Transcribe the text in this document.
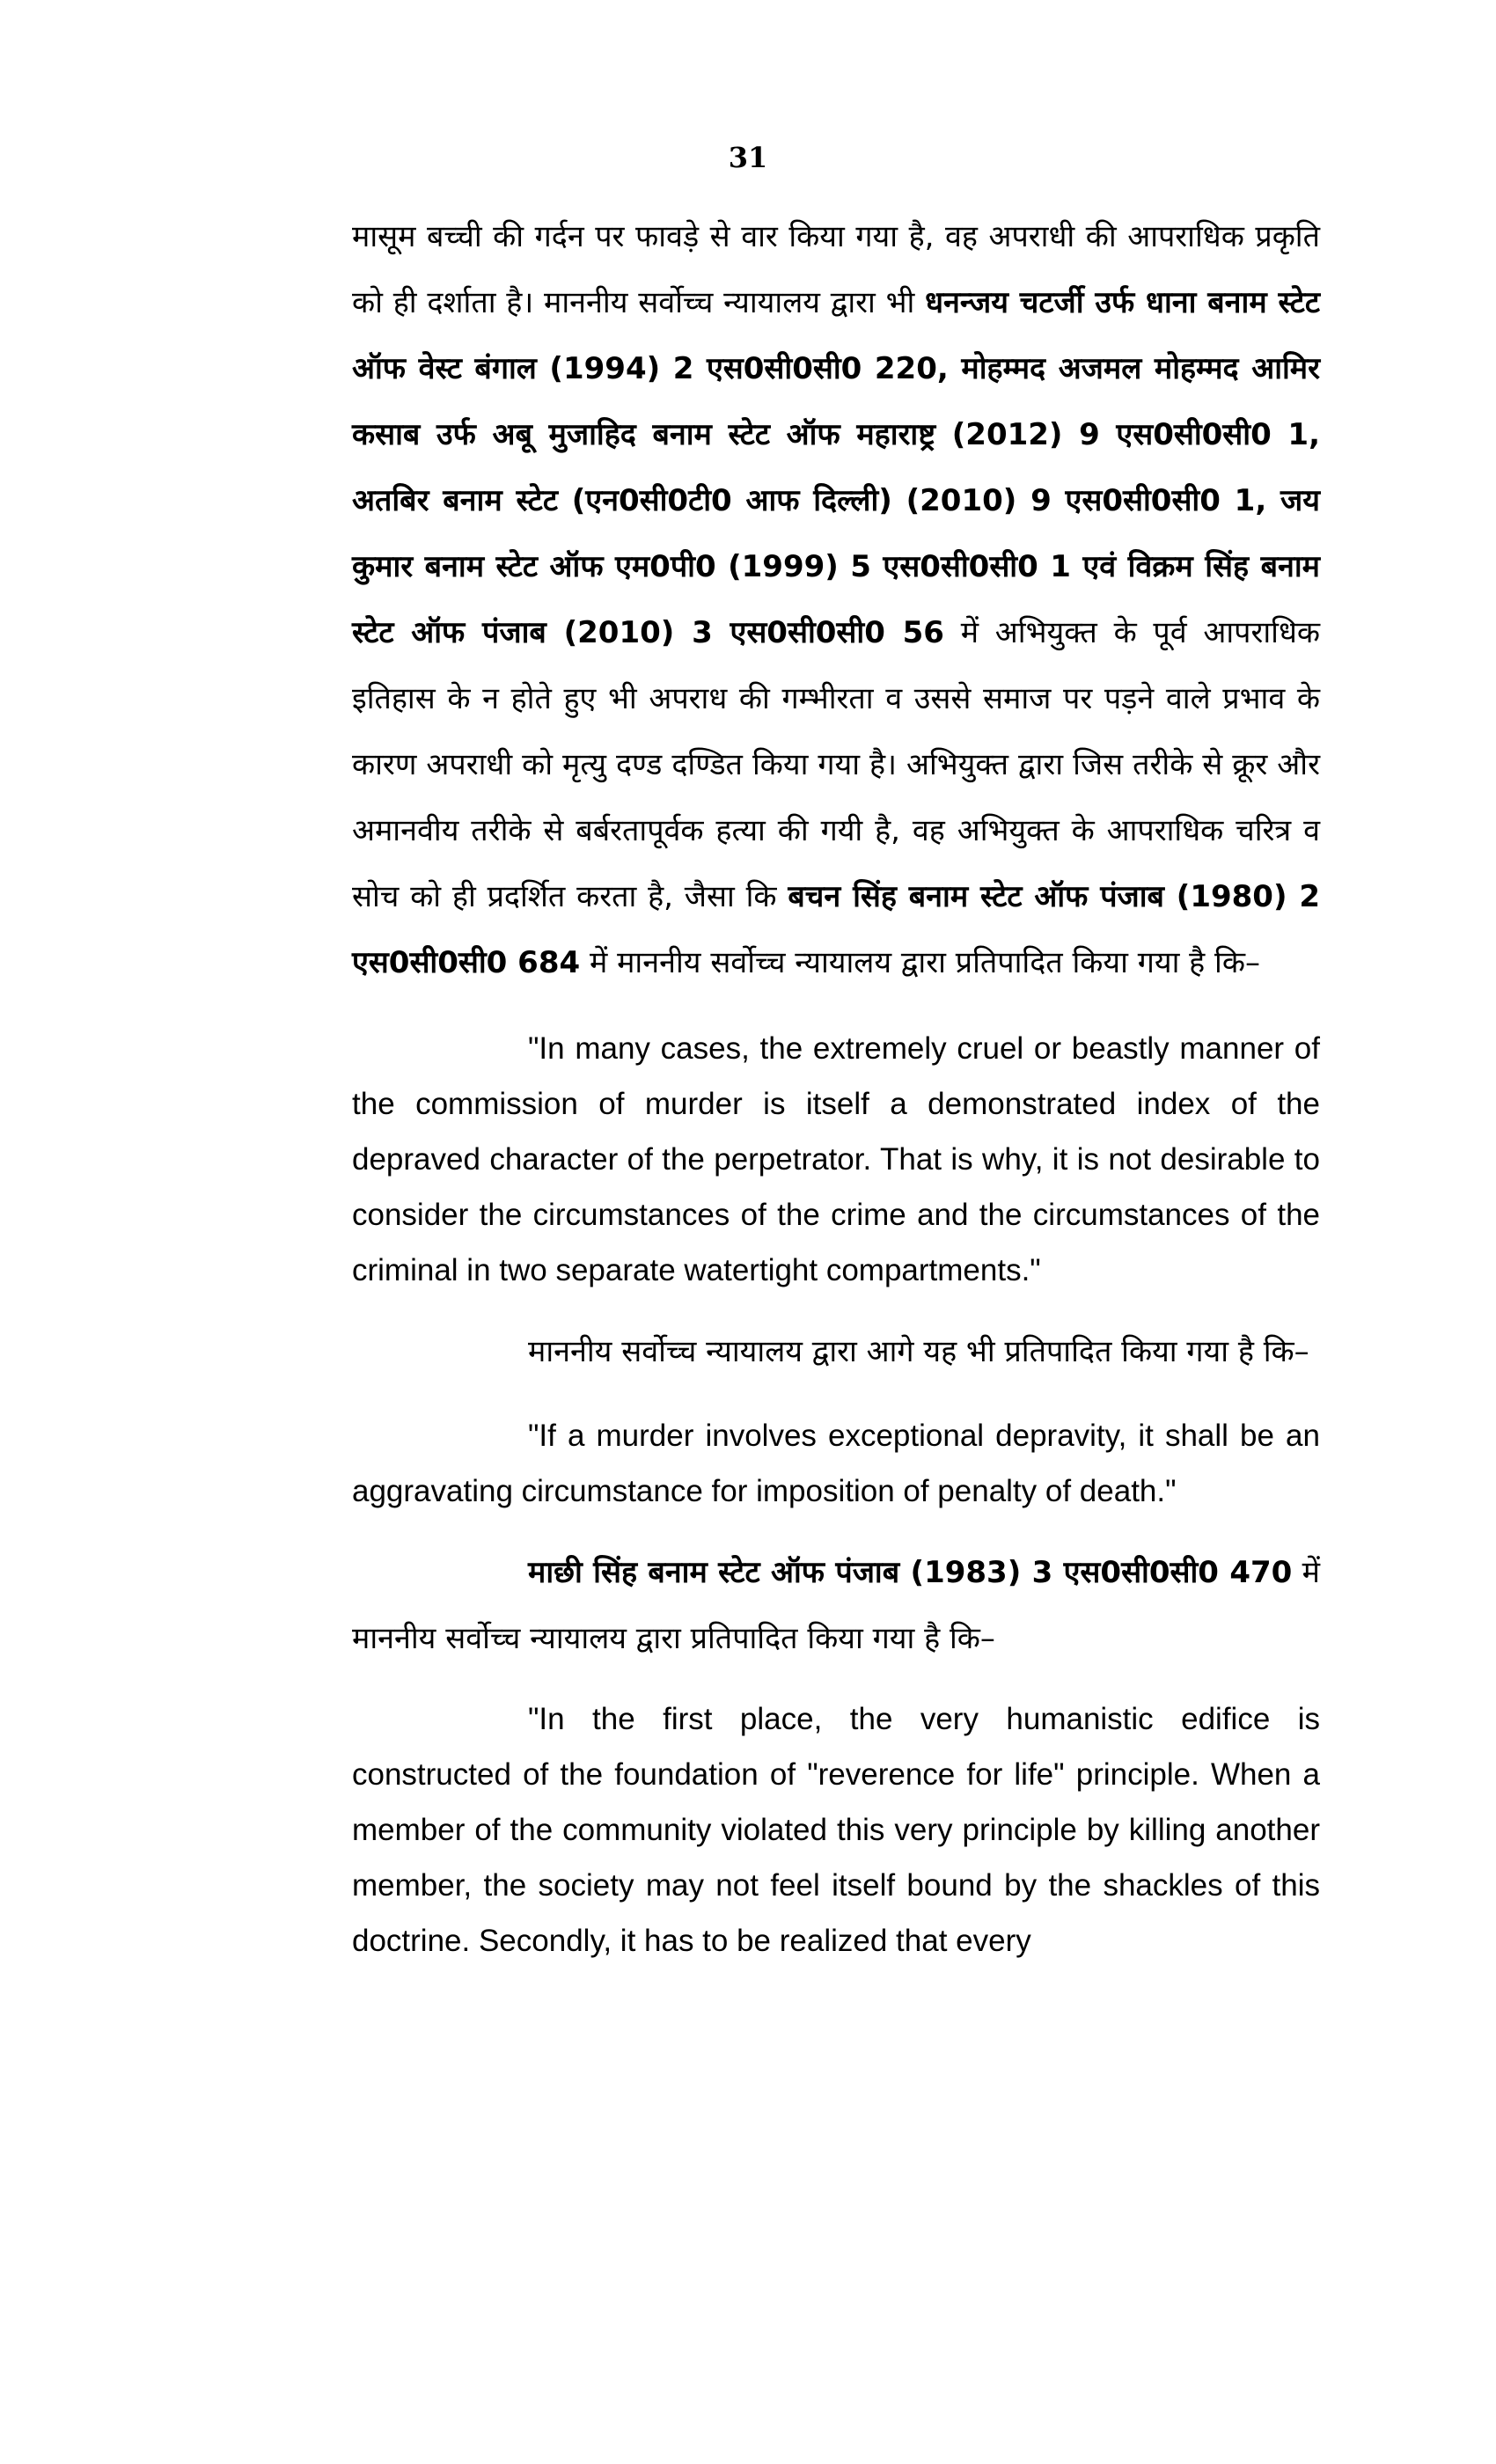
31

मासूम बच्ची की गर्दन पर फावड़े से वार किया गया है, वह अपराधी की आपराधिक प्रकृति को ही दर्शाता है। माननीय सर्वोच्च न्यायालय द्वारा भी धनन्जय चटर्जी उर्फ धाना बनाम स्टेट ऑफ वेस्ट बंगाल (1994) 2 एस0सी0सी0 220, मोहम्मद अजमल मोहम्मद आमिर कसाब उर्फ अबू मुजाहिद बनाम स्टेट ऑफ महाराष्ट्र (2012) 9 एस0सी0सी0 1, अतबिर बनाम स्टेट (एन0सी0टी0 आफ दिल्ली) (2010) 9 एस0सी0सी0 1, जय कुमार बनाम स्टेट ऑफ एम0पी0 (1999) 5 एस0सी0सी0 1 एवं विक्रम सिंह बनाम स्टेट ऑफ पंजाब (2010) 3 एस0सी0सी0 56 में अभियुक्त के पूर्व आपराधिक इतिहास के न होते हुए भी अपराध की गम्भीरता व उससे समाज पर पड़ने वाले प्रभाव के कारण अपराधी को मृत्यु दण्ड दण्डित किया गया है। अभियुक्त द्वारा जिस तरीके से क्रूर और अमानवीय तरीके से बर्बरतापूर्वक हत्या की गयी है, वह अभियुक्त के आपराधिक चरित्र व सोच को ही प्रदर्शित करता है, जैसा कि बचन सिंह बनाम स्टेट ऑफ पंजाब (1980) 2 एस0सी0सी0 684 में माननीय सर्वोच्च न्यायालय द्वारा प्रतिपादित किया गया है कि–

"In many cases, the extremely cruel or beastly manner of the commission of murder is itself a demonstrated index of the depraved character of the perpetrator. That is why, it is not desirable to consider the circumstances of the crime and the circumstances of the criminal in two separate watertight compartments."

माननीय सर्वोच्च न्यायालय द्वारा आगे यह भी प्रतिपादित किया गया है कि–

"If a murder involves exceptional depravity, it shall be an aggravating circumstance for imposition of penalty of death."

माछी सिंह बनाम स्टेट ऑफ पंजाब (1983) 3 एस0सी0सी0 470 में माननीय सर्वोच्च न्यायालय द्वारा प्रतिपादित किया गया है कि–

"In the first place, the very humanistic edifice is constructed of the foundation of "reverence for life" principle. When a member of the community violated this very principle by killing another member, the society may not feel itself bound by the shackles of this doctrine. Secondly, it has to be realized that every
